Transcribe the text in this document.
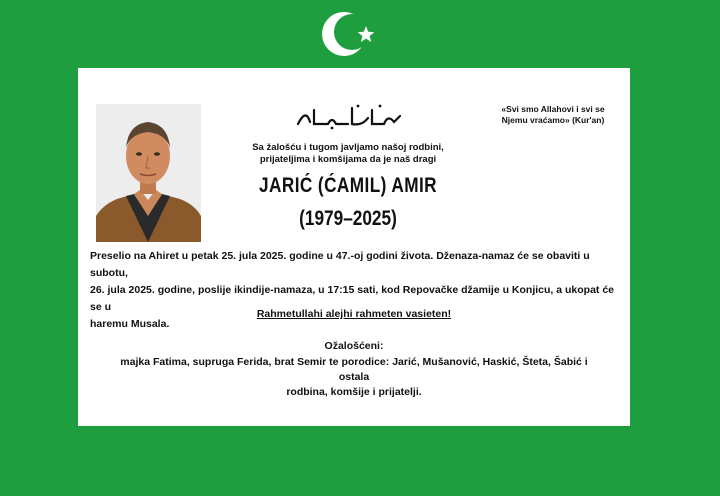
«Svi smo Allahovi i svi se
Njemu vraćamo» (Kur'an)
Sa žalošću i tugom javljamo našoj rodbini,
prijateljima i komšijama da je naš dragi
JARIĆ (ĆAMIL) AMIR
(1979–2025)
Preselio na Ahiret u petak 25. jula 2025. godine u 47.-oj godini života. Dženaza-namaz će se obaviti u subotu,
26. jula 2025. godine, poslije ikindije-namaza, u 17:15 sati, kod Repovačke džamije u Konjicu, a ukopat će se u
haremu Musala.
Rahmetullahi alejhi rahmeten vasieten!
Ožalošćeni:
majka Fatima, supruga Ferida, brat Semir te porodice: Jarić, Mušanović, Haskić, Šteta, Šabić i ostala
rodbina, komšije i prijatelji.
